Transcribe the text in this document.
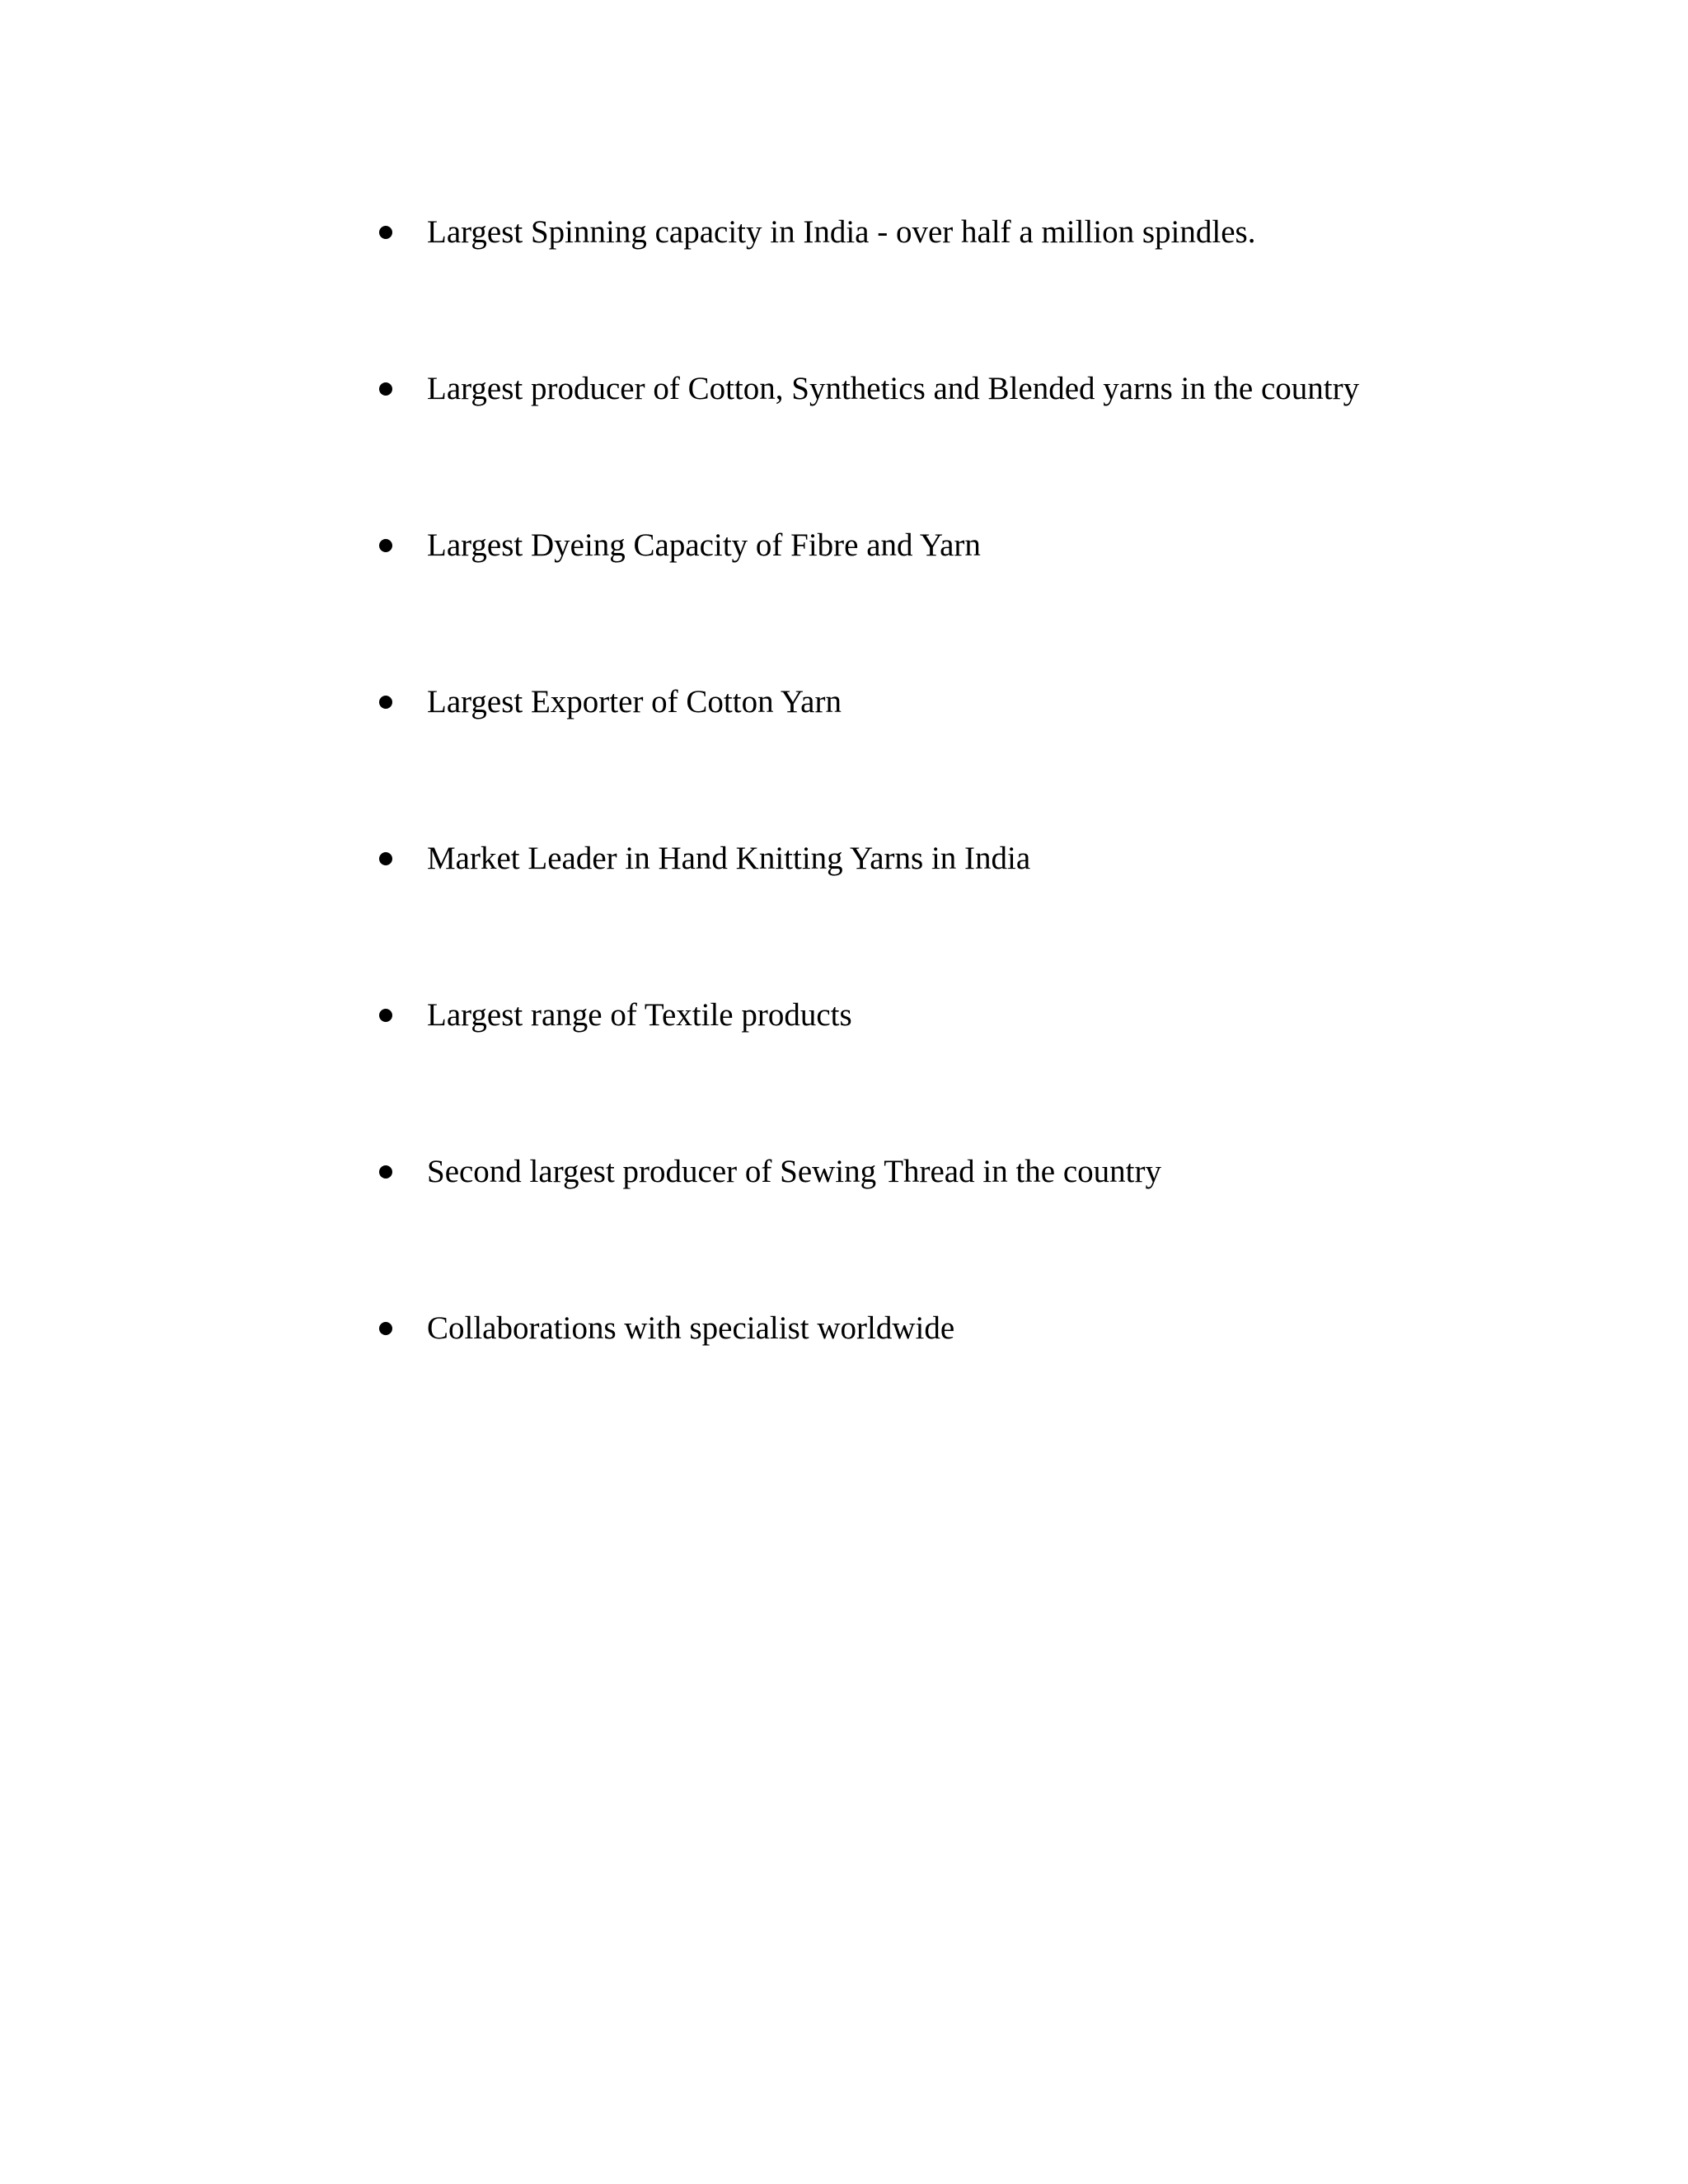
Largest Spinning capacity in India - over half a million spindles.
Largest producer of Cotton, Synthetics and Blended yarns in the country
Largest Dyeing Capacity of Fibre and Yarn
Largest Exporter of Cotton Yarn
Market Leader in Hand Knitting Yarns in India
Largest range of Textile products
Second largest producer of Sewing Thread in the country
Collaborations with specialist worldwide
